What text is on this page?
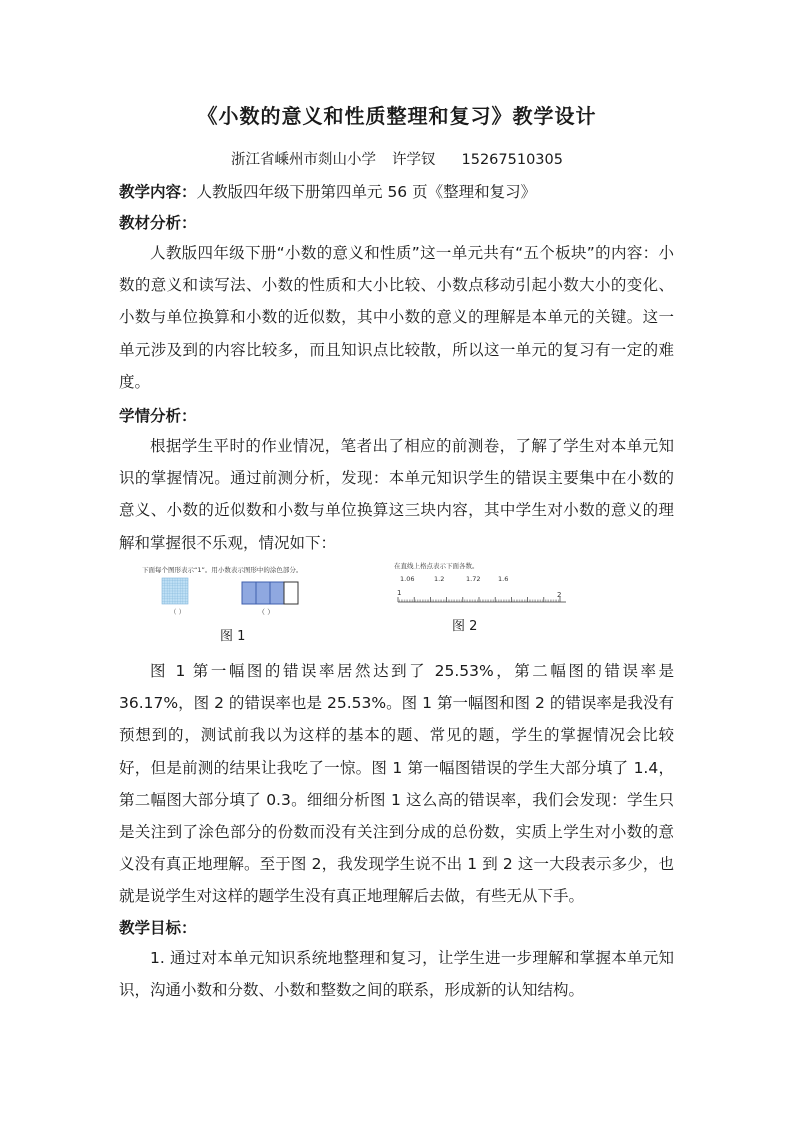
《小数的意义和性质整理和复习》教学设计
浙江省嵊州市剡山小学 许学钗 15267510305
教学内容：人教版四年级下册第四单元 56 页《整理和复习》
教材分析：
人教版四年级下册“小数的意义和性质”这一单元共有“五个板块”的内容：小数的意义和读写法、小数的性质和大小比较、小数点移动引起小数大小的变化、小数与单位换算和小数的近似数，其中小数的意义的理解是本单元的关键。这一单元涉及到的内容比较多，而且知识点比较散，所以这一单元的复习有一定的难度。
学情分析：
根据学生平时的作业情况，笔者出了相应的前测卷，了解了学生对本单元知识的掌握情况。通过前测分析，发现：本单元知识学生的错误主要集中在小数的意义、小数的近似数和小数与单位换算这三块内容，其中学生对小数的意义的理解和掌握很不乐观，情况如下：
下面每个图形表示“1”。用小数表示图形中的涂色部分。
（ ）	（ ）
图 1
在直线上格点表示下面各数。
1.06	1.2	1.72	1.6
1	2
图 2
图 1 第一幅图的错误率居然达到了 25.53%，第二幅图的错误率是 36.17%，图 2 的错误率也是 25.53%。图 1 第一幅图和图 2 的错误率是我没有预想到的，测试前我以为这样的基本的题、常见的题，学生的掌握情况会比较好，但是前测的结果让我吃了一惊。图 1 第一幅图错误的学生大部分填了 1.4，第二幅图大部分填了 0.3。细细分析图 1 这么高的错误率，我们会发现：学生只是关注到了涂色部分的份数而没有关注到分成的总份数，实质上学生对小数的意义没有真正地理解。至于图 2，我发现学生说不出 1 到 2 这一大段表示多少，也就是说学生对这样的题学生没有真正地理解后去做，有些无从下手。
教学目标：
1. 通过对本单元知识系统地整理和复习，让学生进一步理解和掌握本单元知识，沟通小数和分数、小数和整数之间的联系，形成新的认知结构。
